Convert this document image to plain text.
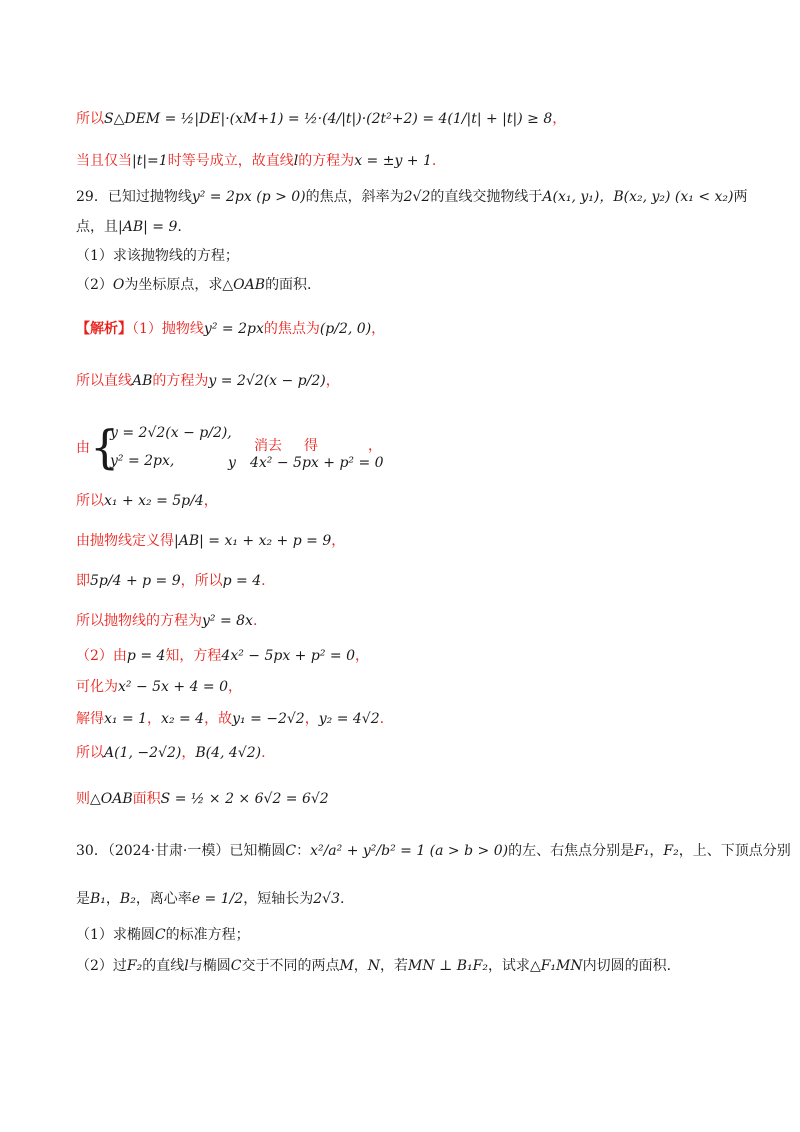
所以S△DEM = ½|DE|·(xM+1) = ½·(4/|t|)·(2t²+2) = 4(1/|t| + |t|) ≥ 8，
当且仅当|t|=1时等号成立，故直线l的方程为x = ±y + 1.
29．已知过抛物线y² = 2px (p > 0)的焦点，斜率为2√2的直线交抛物线于A(x₁, y₁)，B(x₂, y₂) (x₁ < x₂)两
点，且|AB| = 9.
（1）求该抛物线的方程；
（2）O为坐标原点，求△OAB的面积.
【解析】（1）抛物线y² = 2px的焦点为(p/2, 0)，
所以直线AB的方程为y = 2√2(x − p/2)，
由 {
y = 2√2(x − p/2),
y² = 2px,
消去
y
得
4x² − 5px + p² = 0
，
所以x₁ + x₂ = 5p/4，
由抛物线定义得|AB| = x₁ + x₂ + p = 9，
即5p/4 + p = 9，所以p = 4.
所以抛物线的方程为y² = 8x.
（2）由p = 4知，方程4x² − 5px + p² = 0，
可化为x² − 5x + 4 = 0，
解得x₁ = 1，x₂ = 4，故y₁ = −2√2，y₂ = 4√2.
所以A(1, −2√2)，B(4, 4√2).
则△OAB面积S = ½ × 2 × 6√2 = 6√2
30．（2024·甘肃·一模）已知椭圆C：x²/a² + y²/b² = 1 (a > b > 0)的左、右焦点分别是F₁，F₂，上、下顶点分别
是B₁，B₂，离心率e = 1/2，短轴长为2√3.
（1）求椭圆C的标准方程；
（2）过F₂的直线l与椭圆C交于不同的两点M，N，若MN ⊥ B₁F₂，试求△F₁MN内切圆的面积.
